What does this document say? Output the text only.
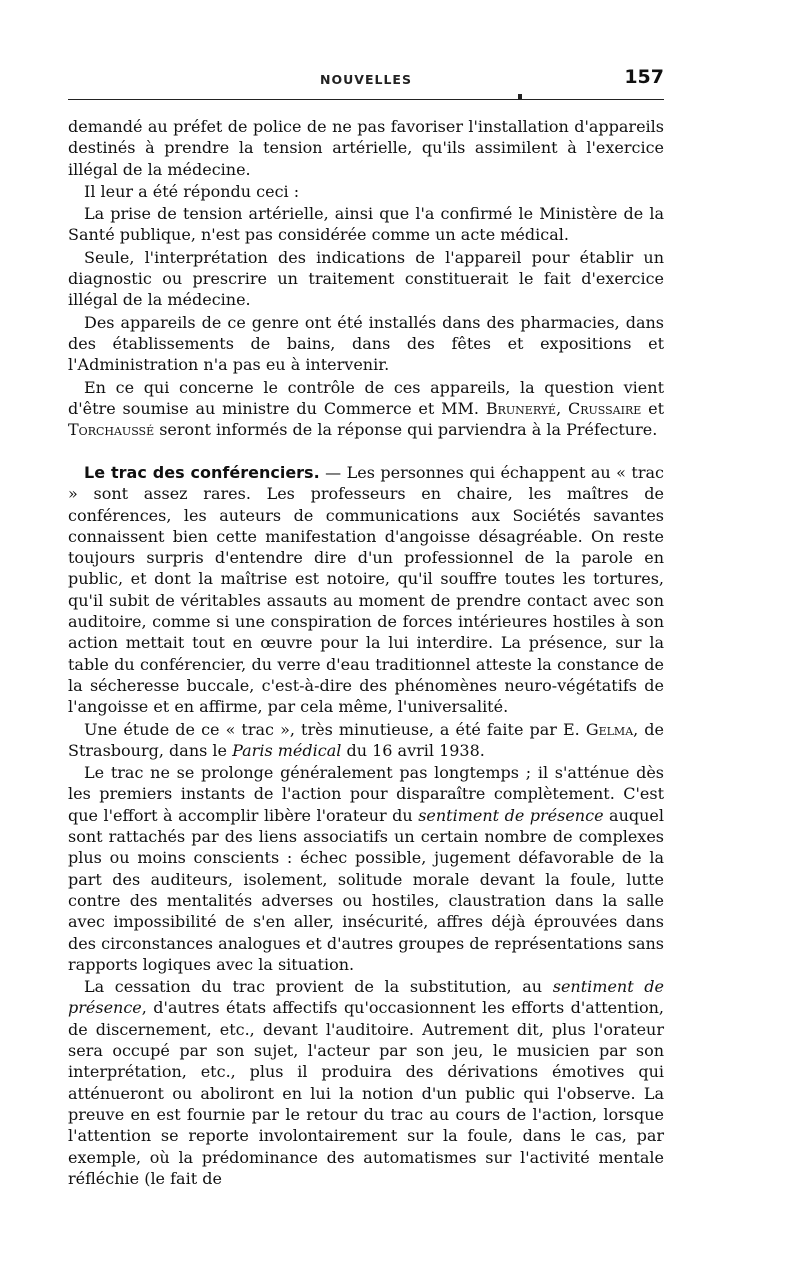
NOUVELLES	157

demandé au préfet de police de ne pas favoriser l'installation d'appareils destinés à prendre la tension artérielle, qu'ils assimilent à l'exercice illégal de la médecine.

Il leur a été répondu ceci :

La prise de tension artérielle, ainsi que l'a confirmé le Ministère de la Santé publique, n'est pas considérée comme un acte médical.

Seule, l'interprétation des indications de l'appareil pour établir un diagnostic ou prescrire un traitement constituerait le fait d'exercice illégal de la médecine.

Des appareils de ce genre ont été installés dans des pharmacies, dans des établissements de bains, dans des fêtes et expositions et l'Administration n'a pas eu à intervenir.

En ce qui concerne le contrôle de ces appareils, la question vient d'être soumise au ministre du Commerce et MM. Bruneryé, Crussaire et Torchaussé seront informés de la réponse qui parviendra à la Préfecture.

Le trac des conférenciers. — Les personnes qui échappent au « trac » sont assez rares. Les professeurs en chaire, les maîtres de conférences, les auteurs de communications aux Sociétés savantes connaissent bien cette manifestation d'angoisse désagréable. On reste toujours surpris d'entendre dire d'un professionnel de la parole en public, et dont la maîtrise est notoire, qu'il souffre toutes les tortures, qu'il subit de véritables assauts au moment de prendre contact avec son auditoire, comme si une conspiration de forces intérieures hostiles à son action mettait tout en œuvre pour la lui interdire. La présence, sur la table du conférencier, du verre d'eau traditionnel atteste la constance de la sécheresse buccale, c'est-à-dire des phénomènes neuro-végétatifs de l'angoisse et en affirme, par cela même, l'universalité.

Une étude de ce « trac », très minutieuse, a été faite par E. Gelma, de Strasbourg, dans le Paris médical du 16 avril 1938.

Le trac ne se prolonge généralement pas longtemps ; il s'atténue dès les premiers instants de l'action pour disparaître complètement. C'est que l'effort à accomplir libère l'orateur du sentiment de présence auquel sont rattachés par des liens associatifs un certain nombre de complexes plus ou moins conscients : échec possible, jugement défavorable de la part des auditeurs, isolement, solitude morale devant la foule, lutte contre des mentalités adverses ou hostiles, claustration dans la salle avec impossibilité de s'en aller, insécurité, affres déjà éprouvées dans des circonstances analogues et d'autres groupes de représentations sans rapports logiques avec la situation.

La cessation du trac provient de la substitution, au sentiment de présence, d'autres états affectifs qu'occasionnent les efforts d'attention, de discernement, etc., devant l'auditoire. Autrement dit, plus l'orateur sera occupé par son sujet, l'acteur par son jeu, le musicien par son interprétation, etc., plus il produira des dérivations émotives qui atténueront ou aboliront en lui la notion d'un public qui l'observe. La preuve en est fournie par le retour du trac au cours de l'action, lorsque l'attention se reporte involontairement sur la foule, dans le cas, par exemple, où la prédominance des automatismes sur l'activité mentale réfléchie (le fait de
